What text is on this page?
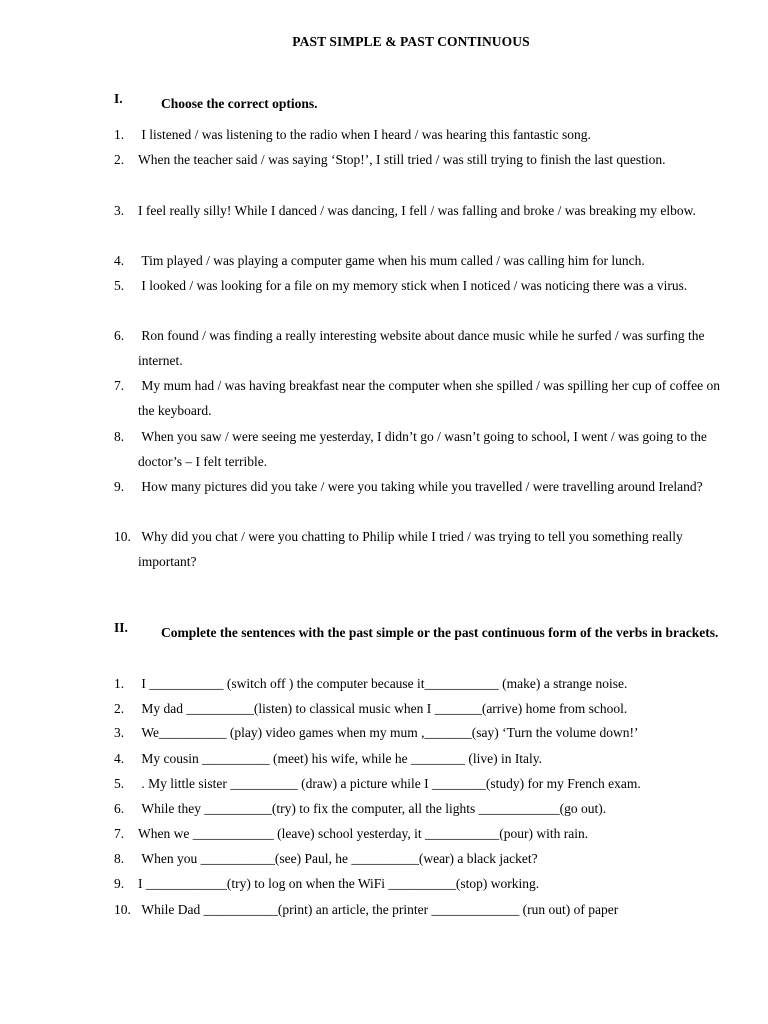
PAST SIMPLE & PAST CONTINUOUS
I.	Choose the correct options.
1. I listened / was listening to the radio when I heard / was hearing this fantastic song.
2. When the teacher said / was saying ‘Stop!’, I still tried / was still trying to finish the last question.
3. I feel really silly! While I danced / was dancing, I fell / was falling and broke / was breaking my elbow.
4. Tim played / was playing a computer game when his mum called / was calling him for lunch.
5. I looked / was looking for a file on my memory stick when I noticed / was noticing there was a virus.
6. Ron found / was finding a really interesting website about dance music while he surfed / was surfing the internet.
7. My mum had / was having breakfast near the computer when she spilled / was spilling her cup of coffee on the keyboard.
8. When you saw / were seeing me yesterday, I didn’t go / wasn’t going to school, I went / was going to the doctor’s – I felt terrible.
9. How many pictures did you take / were you taking while you travelled / were travelling around Ireland?
10. Why did you chat / were you chatting to Philip while I tried / was trying to tell you something really important?
II. Complete the sentences with the past simple or the past continuous form of the verbs in brackets.
1. I ___________ (switch off ) the computer because it___________ (make) a strange noise.
2. My dad __________(listen) to classical music when I _______(arrive) home from school.
3. We__________ (play) video games when my mum ,_______(say) ‘Turn the volume down!’
4. My cousin __________ (meet) his wife, while he ________ (live) in Italy.
5. . My little sister __________ (draw) a picture while I ________(study) for my French exam.
6. While they __________(try) to fix the computer, all the lights ____________(go out).
7. When we ____________ (leave) school yesterday, it ___________(pour) with rain.
8. When you ___________(see) Paul, he __________(wear) a black jacket?
9. I ____________(try) to log on when the WiFi __________(stop) working.
10. While Dad ___________(print) an article, the printer _____________ (run out) of paper
